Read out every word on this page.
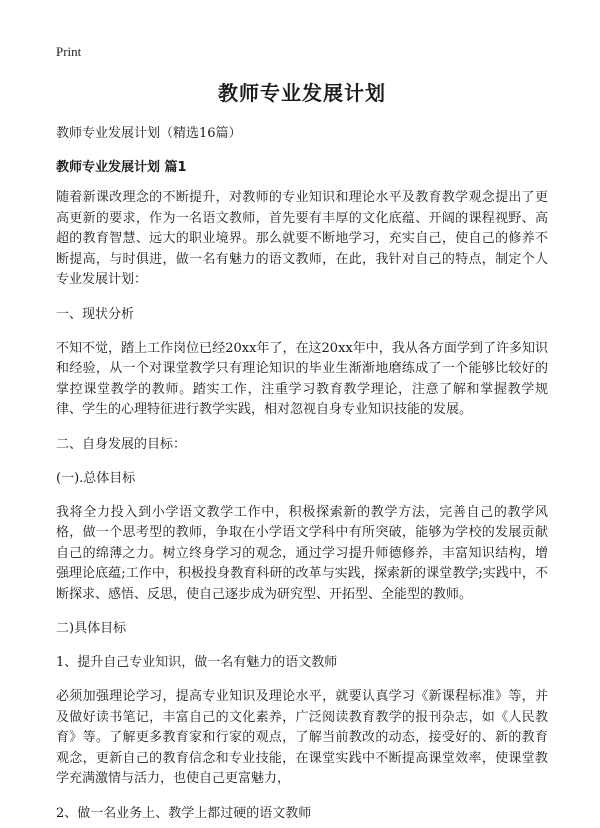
Print
教师专业发展计划
教师专业发展计划（精选16篇）
教师专业发展计划 篇1

随着新课改理念的不断提升，对教师的专业知识和理论水平及教育教学观念提出了更高更新的要求，作为一名语文教师，首先要有丰厚的文化底蕴、开阔的课程视野、高超的教育智慧、远大的职业境界。那么就要不断地学习，充实自己，使自己的修养不断提高，与时俱进，做一名有魅力的语文教师，在此，我针对自己的特点，制定个人专业发展计划：

一、现状分析

不知不觉，踏上工作岗位已经20xx年了，在这20xx年中，我从各方面学到了许多知识和经验，从一个对课堂教学只有理论知识的毕业生渐渐地磨练成了一个能够比较好的掌控课堂教学的教师。踏实工作，注重学习教育教学理论，注意了解和掌握教学规律、学生的心理特征进行教学实践，相对忽视自身专业知识技能的发展。

二、自身发展的目标：
(一).总体目标

我将全力投入到小学语文教学工作中，积极探索新的教学方法，完善自己的教学风格，做一个思考型的教师，争取在小学语文学科中有所突破，能够为学校的发展贡献自己的绵薄之力。树立终身学习的观念，通过学习提升师德修养，丰富知识结构，增强理论底蕴;工作中，积极投身教育科研的改革与实践，探索新的课堂教学;实践中，不断探求、感悟、反思，使自己逐步成为研究型、开拓型、全能型的教师。

二)具体目标
1、提升自己专业知识，做一名有魅力的语文教师

必须加强理论学习，提高专业知识及理论水平，就要认真学习《新课程标准》等，并及做好读书笔记，丰富自己的文化素养，广泛阅读教育教学的报刊杂志，如《人民教育》等。了解更多教育家和行家的观点，了解当前教改的动态，接受好的、新的教育观念，更新自己的教育信念和专业技能，在课堂实践中不断提高课堂效率，使课堂教学充满激情与活力，也使自己更富魅力，

2、做一名业务上、教学上都过硬的语文教师
